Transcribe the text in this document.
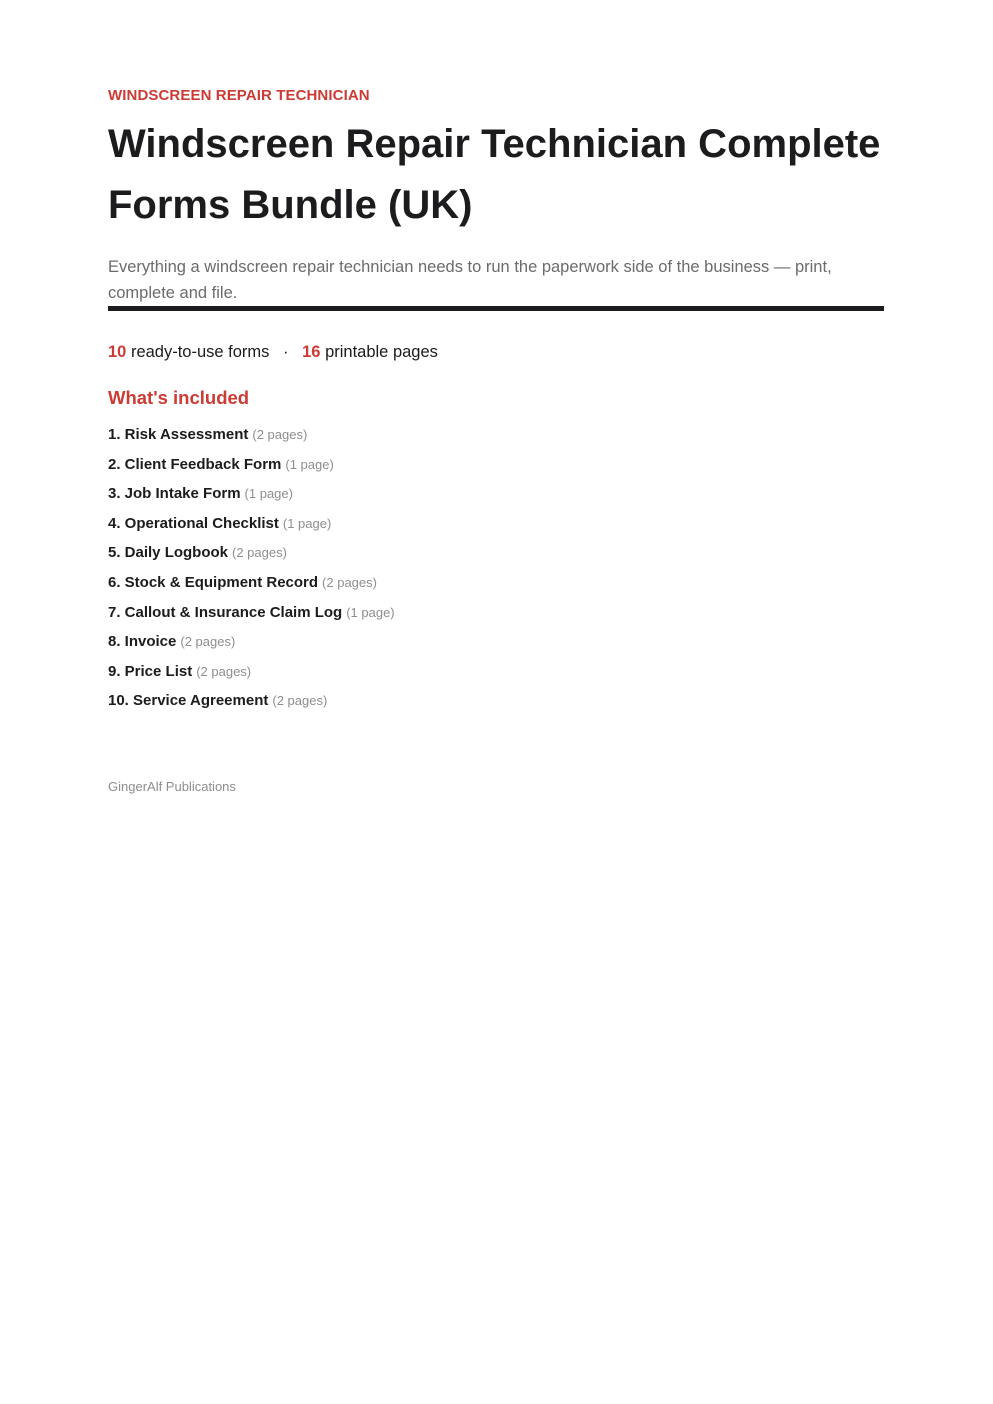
WINDSCREEN REPAIR TECHNICIAN

Windscreen Repair Technician Complete Forms Bundle (UK)

Everything a windscreen repair technician needs to run the paperwork side of the business — print, complete and file.

10 ready-to-use forms · 16 printable pages
What's included
1. Risk Assessment (2 pages)
2. Client Feedback Form (1 page)
3. Job Intake Form (1 page)
4. Operational Checklist (1 page)
5. Daily Logbook (2 pages)
6. Stock & Equipment Record (2 pages)
7. Callout & Insurance Claim Log (1 page)
8. Invoice (2 pages)
9. Price List (2 pages)
10. Service Agreement (2 pages)
GingerAlf Publications
